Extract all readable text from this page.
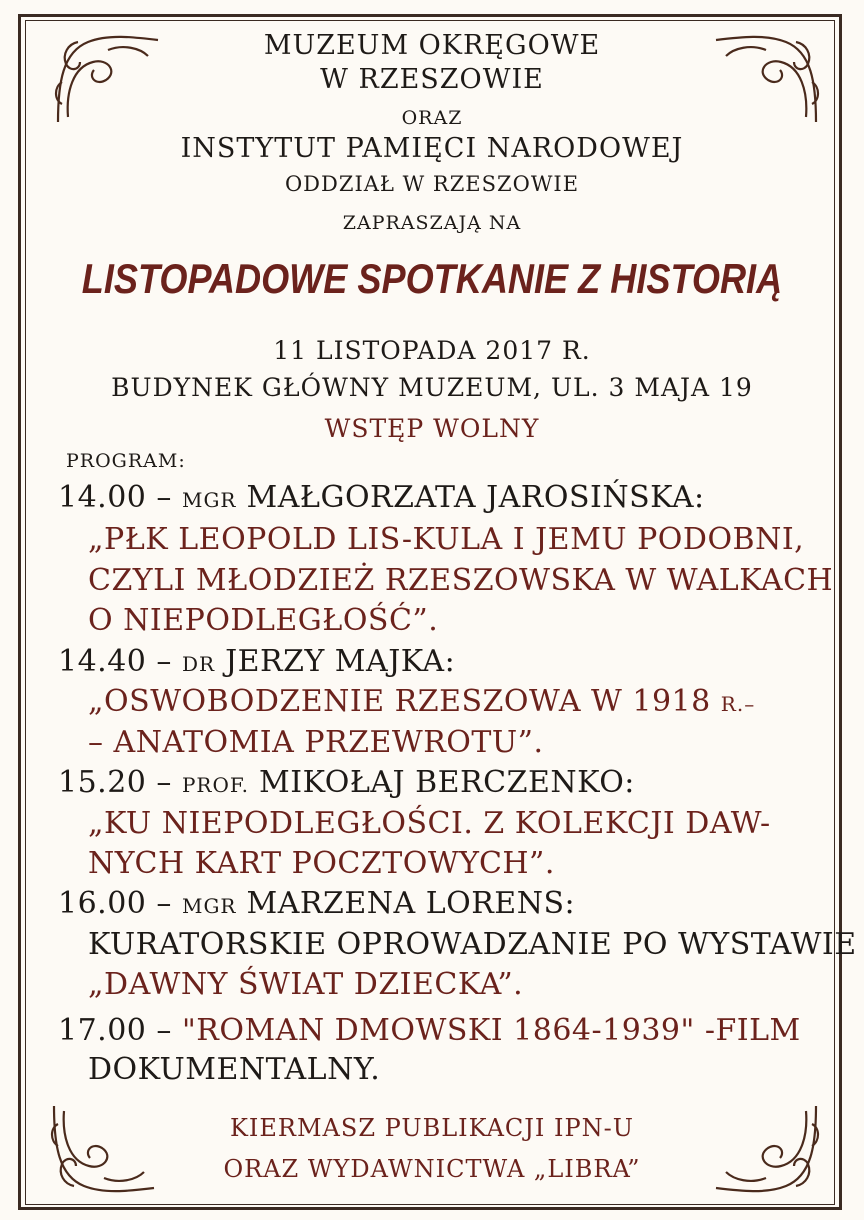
MUZEUM OKRĘGOWE
W RZESZOWIE
ORAZ
INSTYTUT PAMIĘCI NARODOWEJ
ODDZIAŁ W RZESZOWIE
ZAPRASZAJĄ NA
LISTOPADOWE SPOTKANIE Z HISTORIĄ
11 LISTOPADA 2017 R.
BUDYNEK GŁÓWNY MUZEUM, UL. 3 MAJA 19
WSTĘP WOLNY
PROGRAM:
14.00 – MGR MAŁGORZATA JAROSIŃSKA:
„PŁK LEOPOLD LIS-KULA I JEMU PODOBNI,
CZYLI MŁODZIEŻ RZESZOWSKA W WALKACH
O NIEPODLEGŁOŚĆ”.
14.40 – DR JERZY MAJKA:
„OSWOBODZENIE RZESZOWA W 1918 R.–
– ANATOMIA PRZEWROTU”.
15.20 – PROF. MIKOŁAJ BERCZENKO:
„KU NIEPODLEGŁOŚCI. Z KOLEKCJI DAW-
NYCH KART POCZTOWYCH”.
16.00 – MGR MARZENA LORENS:
KURATORSKIE OPROWADZANIE PO WYSTAWIE
„DAWNY ŚWIAT DZIECKA”.
17.00 – "ROMAN DMOWSKI 1864-1939" -FILM
DOKUMENTALNY.
KIERMASZ PUBLIKACJI IPN-U
ORAZ WYDAWNICTWA „LIBRA”
